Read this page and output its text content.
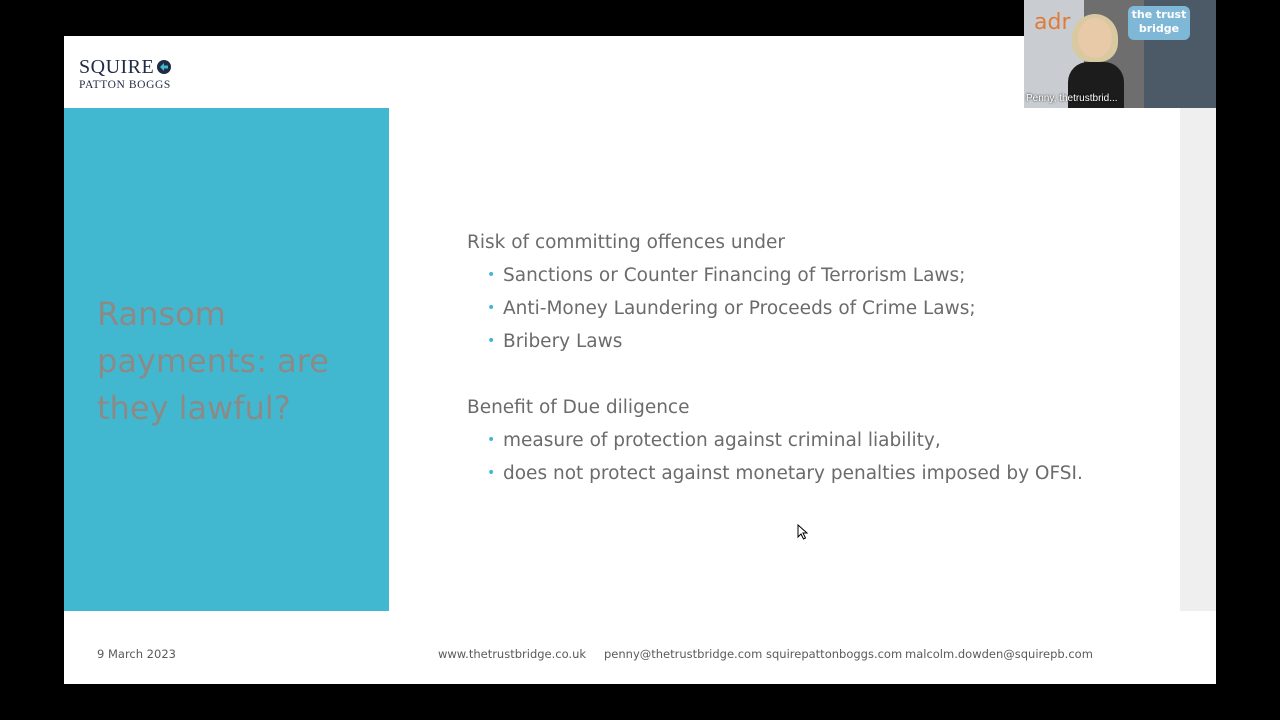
SQUIRE
PATTON BOGGS
Ransom payments: are they lawful?

Risk of committing offences under

• Sanctions or Counter Financing of Terrorism Laws;
• Anti-Money Laundering or Proceeds of Crime Laws;
• Bribery Laws

Benefit of Due diligence

• measure of protection against criminal liability,
• does not protect against monetary penalties imposed by OFSI.
9 March 2023	www.thetrustbridge.co.uk penny@thetrustbridge.com squirepattonboggs.com malcolm.dowden@squirepb.com
adr	the trust bridge
Penny, thetrustbrid...
